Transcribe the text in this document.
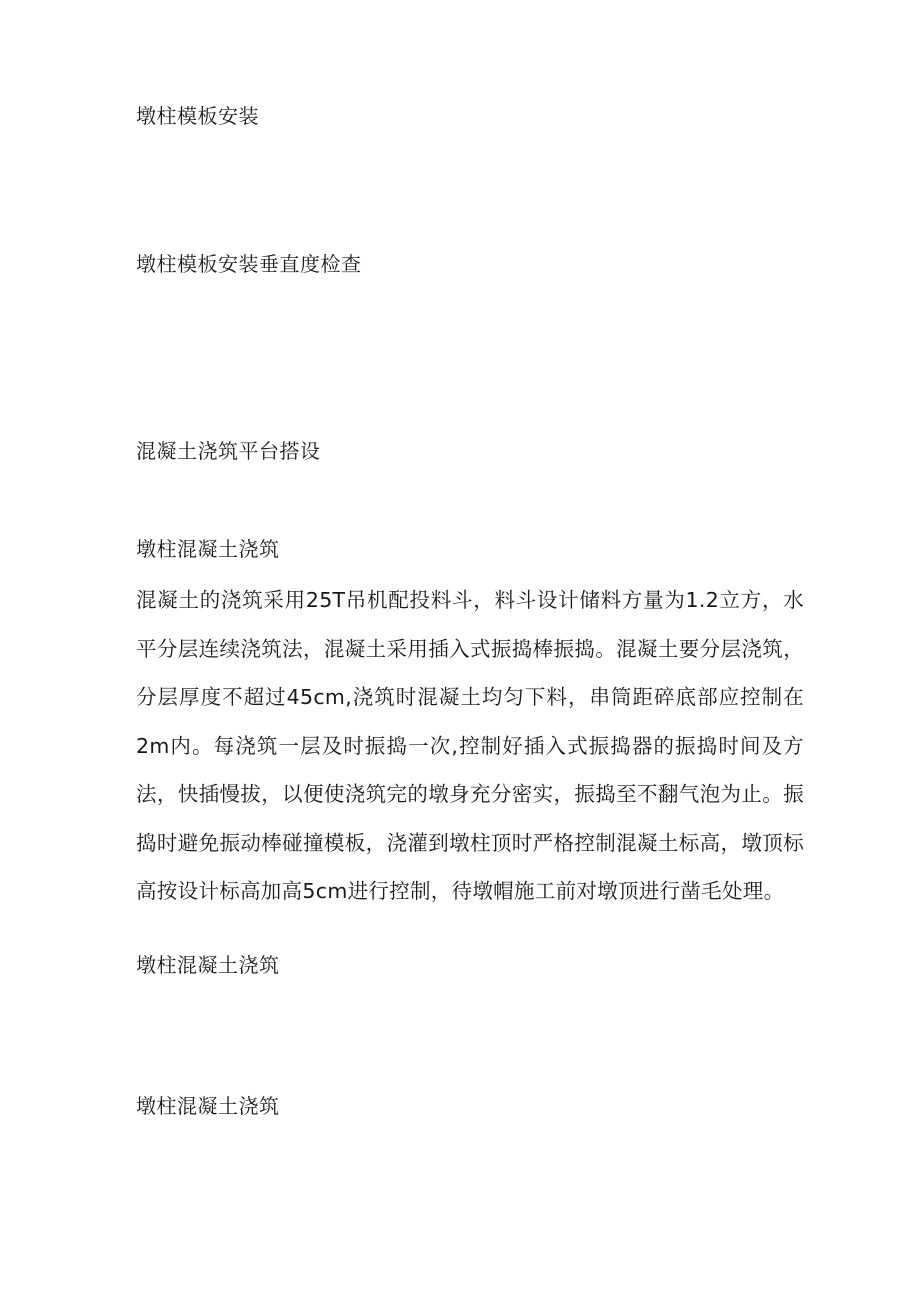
墩柱模板安装
墩柱模板安装垂直度检查
混凝土浇筑平台搭设
墩柱混凝土浇筑

混凝土的浇筑采用25T吊机配投料斗，料斗设计储料方量为1.2立方，水平分层连续浇筑法，混凝土采用插入式振捣棒振捣。混凝土要分层浇筑，分层厚度不超过45cm,浇筑时混凝土均匀下料，串筒距碎底部应控制在2m内。每浇筑一层及时振捣一次,控制好插入式振捣器的振捣时间及方法，快插慢拔，以便使浇筑完的墩身充分密实，振捣至不翻气泡为止。振捣时避免振动棒碰撞模板，浇灌到墩柱顶时严格控制混凝土标高，墩顶标高按设计标高加高5cm进行控制，待墩帽施工前对墩顶进行凿毛处理。

墩柱混凝土浇筑
墩柱混凝土浇筑
